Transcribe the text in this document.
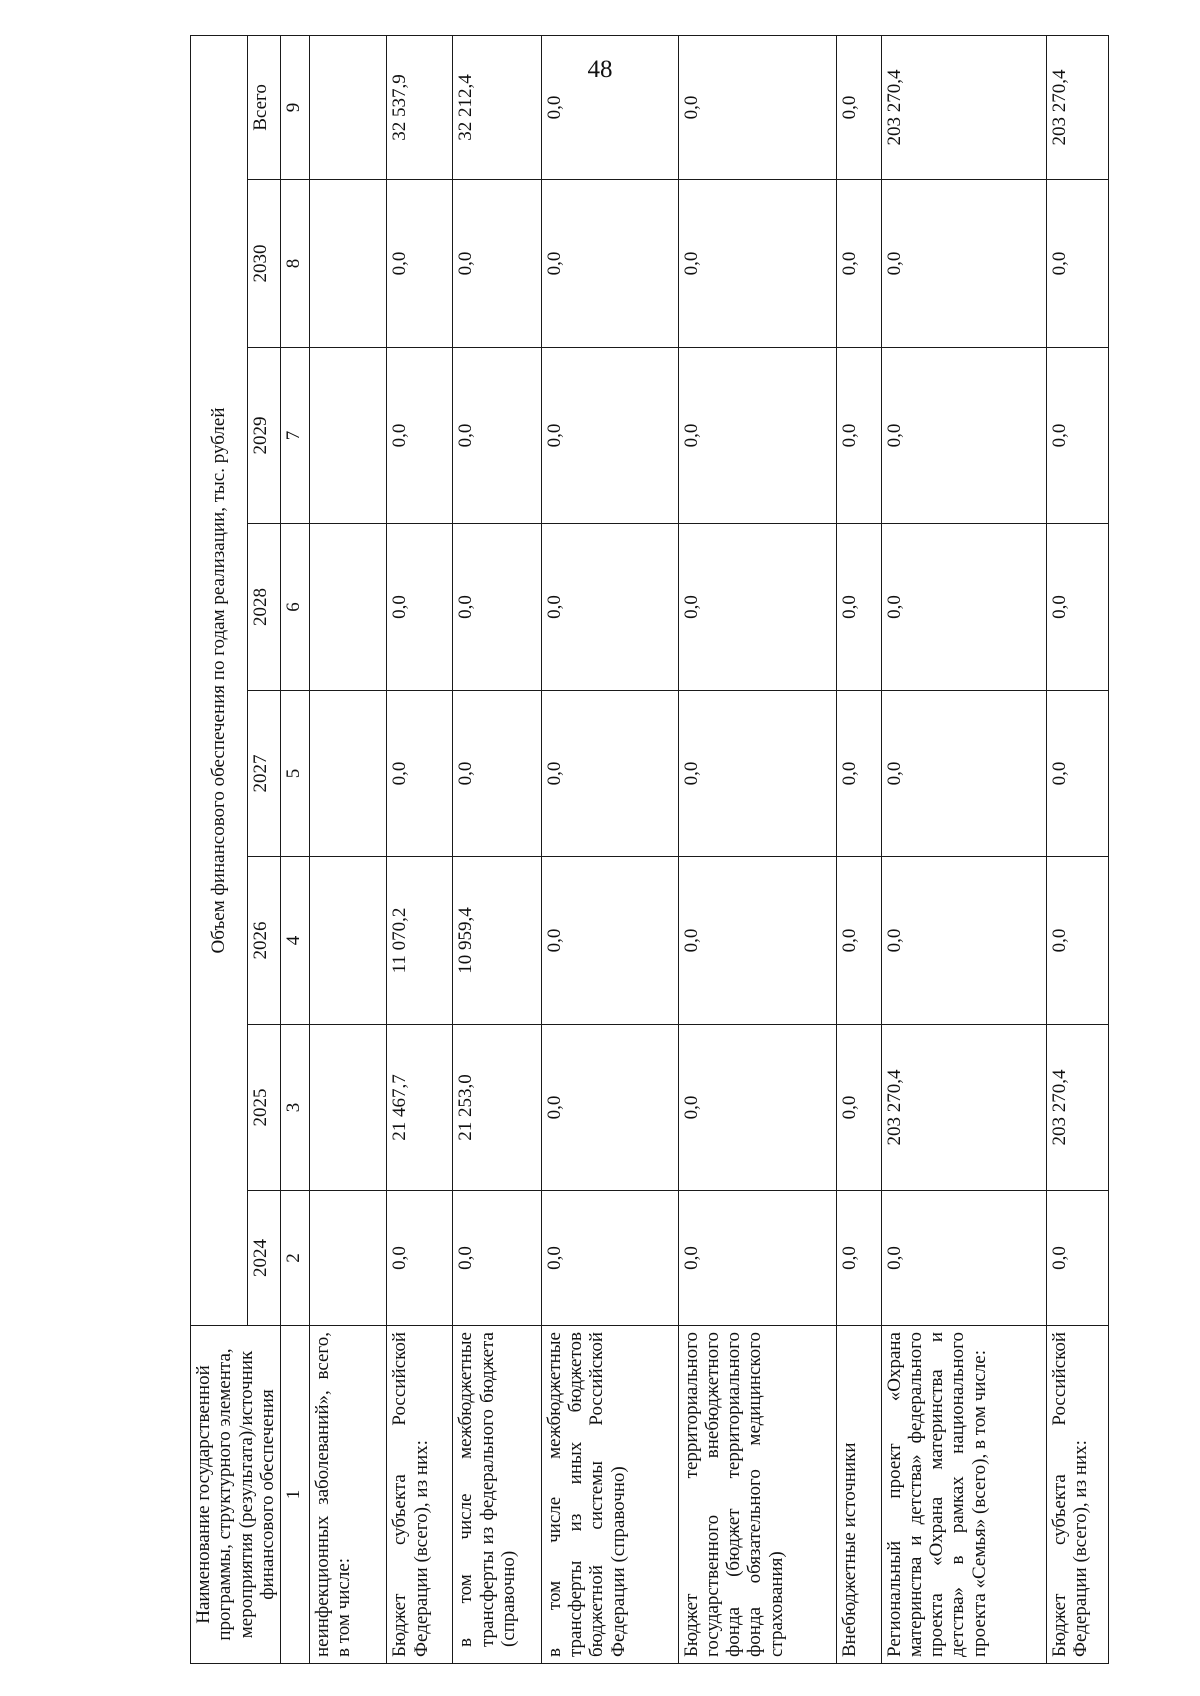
48
Наименование государственной программы, структурного элемента, мероприятия (результата)/источник финансового обеспечения	Объем финансового обеспечения по годам реализации, тыс. рублей							
	2024	2025	2026	2027	2028	2029	2030	Всего
1	2	3	4	5	6	7	8	9
неинфекционных заболеваний», всего, в том числе:								
Бюджет субъекта Российской Федерации (всего), из них:	0,0	21 467,7	11 070,2	0,0	0,0	0,0	0,0	32 537,9
в том числе межбюджетные трансферты из федерального бюджета (справочно)	0,0	21 253,0	10 959,4	0,0	0,0	0,0	0,0	32 212,4
в том числе межбюджетные трансферты из иных бюджетов бюджетной системы Российской Федерации (справочно)	0,0	0,0	0,0	0,0	0,0	0,0	0,0	0,0
Бюджет территориального государственного внебюджетного фонда (бюджет территориального фонда обязательного медицинского страхования)	0,0	0,0	0,0	0,0	0,0	0,0	0,0	0,0
Внебюджетные источники	0,0	0,0	0,0	0,0	0,0	0,0	0,0	0,0
Региональный проект «Охрана материнства и детства» федерального проекта «Охрана материнства и детства» в рамках национального проекта «Семья» (всего), в том числе:	0,0	203 270,4	0,0	0,0	0,0	0,0	0,0	203 270,4
Бюджет субъекта Российской Федерации (всего), из них:	0,0	203 270,4	0,0	0,0	0,0	0,0	0,0	203 270,4
